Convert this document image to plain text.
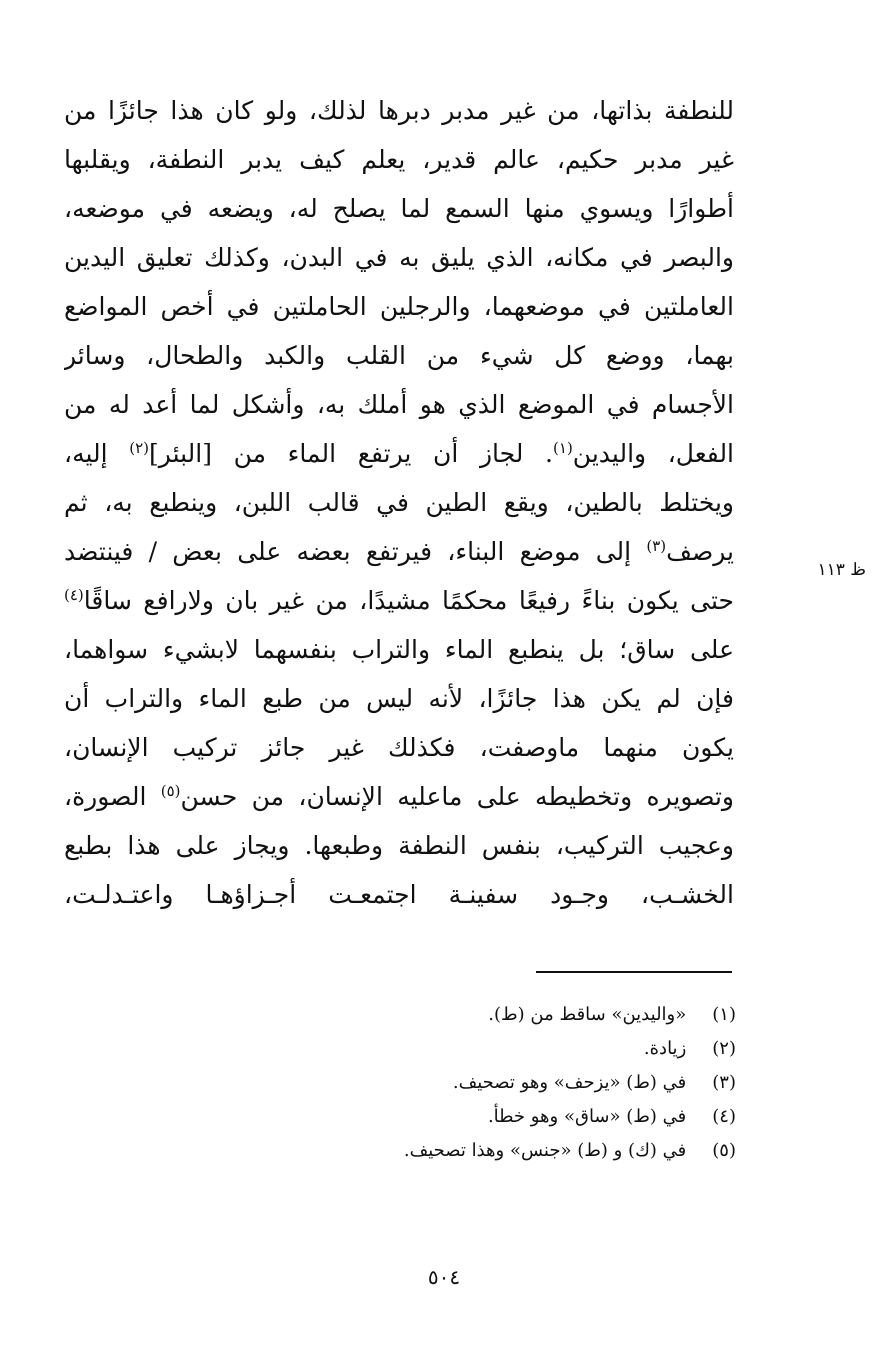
للنطفة بذاتها، من غير مدبر دبرها لذلك، ولو كان هذا جائزًا من
غير مدبر حكيم، عالم قدير، يعلم كيف يدبر النطفة، ويقلبها
أطوارًا ويسوي منها السمع لما يصلح له، ويضعه في موضعه،
والبصر في مكانه، الذي يليق به في البدن، وكذلك تعليق اليدين
العاملتين في موضعهما، والرجلين الحاملتين في أخص المواضع
بهما، ووضع كل شيء من القلب والكبد والطحال، وسائر
الأجسام في الموضع الذي هو أملك به، وأشكل لما أعد له من
الفعل، واليدين$^{(١)}$. لجاز أن يرتفع الماء من [البئر]$^{(٢)}$ إليه،
ويختلط بالطين، ويقع الطين في قالب اللبن، وينطبع به، ثم
يرصف$^{(٣)}$ إلى موضع البناء، فيرتفع بعضه على بعض / فينتضد
حتى يكون بناءً رفيعًا محكمًا مشيدًا، من غير بان ولارافع ساقًا$^{(٤)}$
على ساق؛ بل ينطبع الماء والتراب بنفسهما لابشيء سواهما،
فإن لم يكن هذا جائزًا، لأنه ليس من طبع الماء والتراب أن
يكون منهما ماوصفت، فكذلك غير جائز تركيب الإنسان،
وتصويره وتخطيطه على ماعليه الإنسان، من حسن$^{(٥)}$ الصورة،
وعجيب التركيب، بنفس النطفة وطبعها. ويجاز على هذا بطبع
الخشـب، وجـود سفينـة اجتمعـت أجـزاؤهـا واعتـدلـت،
ظ ١١٣
(١) «واليدين» ساقط من (ط).
(٢) زيادة.
(٣) في (ط) «يزحف» وهو تصحيف.
(٤) في (ط) «ساق» وهو خطأ.
(٥) في (ك) و (ط) «جنس» وهذا تصحيف.
٥٠٤
